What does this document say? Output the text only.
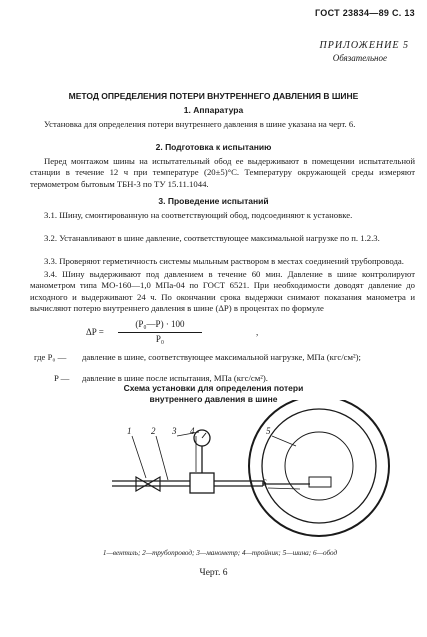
ГОСТ 23834—89 С. 13
ПРИЛОЖЕНИЕ 5
Обязательное
МЕТОД ОПРЕДЕЛЕНИЯ ПОТЕРИ ВНУТРЕННЕГО ДАВЛЕНИЯ В ШИНЕ
1. Аппаратура
Установка для определения потери внутреннего давления в шине указана на черт. 6.
2. Подготовка к испытанию
Перед монтажом шины на испытательный обод ее выдерживают в помещении испытательной станции в течение 12 ч при температуре (20±5)°С. Температуру окружающей среды измеряют термометром бытовым ТБН-3 по ТУ 15.11.1044.
3. Проведение испытаний
3.1. Шину, смонтированную на соответствующий обод, подсоединяют к установке.
3.2. Устанавливают в шине давление, соответствующее максимальной нагрузке по п. 1.2.3.
3.3. Проверяют герметичность системы мыльным раствором в местах соединений трубопровода.
3.4. Шину выдерживают под давлением в течение 60 мин. Давление в шине контролируют манометром типа МО-160—1,0 МПа-04 по ГОСТ 6521. При необходимости доводят давление до исходного и выдерживают 24 ч. По окончании срока выдержки снимают показания манометра и вычисляют потерю внутреннего давления в шине (ΔP) в процентах по формуле
ΔP =
(P₀—P) · 100
P₀
,
где P₀ —	давление в шине, соответствующее максимальной нагрузке, МПа (кгс/см²);
P —	давление в шине после испытания, МПа (кгс/см²).
Схема установки для определения потери внутреннего давления в шине
1 2 3 4	5
6
1—вентиль; 2—трубопровод; 3—манометр; 4—тройник; 5—шина; 6—обод
Черт. 6
